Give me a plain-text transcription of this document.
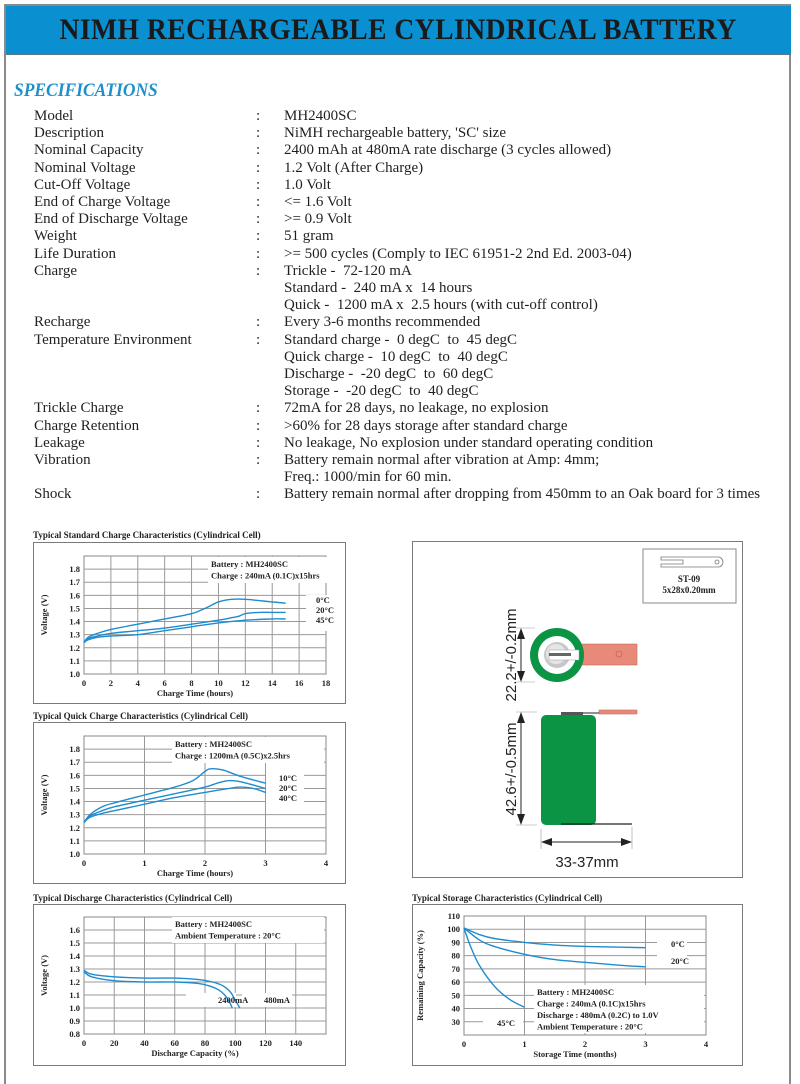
NIMH RECHARGEABLE CYLINDRICAL BATTERY
SPECIFICATIONS
Model	:	MH2400SC
Description	:	NiMH rechargeable battery, 'SC' size
Nominal Capacity	:	2400 mAh at 480mA rate discharge (3 cycles allowed)
Nominal Voltage	:	1.2 Volt (After Charge)
Cut-Off Voltage	:	1.0 Volt
End of Charge Voltage	:	<= 1.6 Volt
End of Discharge Voltage	:	>= 0.9 Volt
Weight	:	51 gram
Life Duration	:	>= 500 cycles (Comply to IEC 61951-2 2nd Ed. 2003-04)
Charge	:	Trickle -  72-120 mA
Standard -  240 mA x  14 hours
Quick -  1200 mA x  2.5 hours (with cut-off control)
Recharge	:	Every 3-6 months recommended
Temperature Environment	:	Standard charge -  0 degC  to  45 degC
Quick charge -  10 degC  to  40 degC
Discharge -  -20 degC  to  60 degC
Storage -  -20 degC  to  40 degC
Trickle Charge	:	72mA for 28 days, no leakage, no explosion
Charge Retention	:	>60% for 28 days storage after standard charge
Leakage	:	No leakage, No explosion under standard operating condition
Vibration	:	Battery remain normal after vibration at Amp: 4mm;
Freq.: 1000/min for 60 min.
Shock	:	Battery remain normal after dropping from 450mm to an Oak board for 3 times
Typical Standard Charge Characteristics (Cylindrical Cell)
Battery : MH2400SC
Charge : 240mA (0.1C)x15hrs
0	2	4	6	8 10 12 14 16 18
1.0
1.1
1.2
1.3
1.4
1.5
1.6
1.7
1.8
Charge Time (hours)
Voltage (V)	0°C
20°C
45°C
Typical Quick Charge Characteristics (Cylindrical Cell)
Battery : MH2400SC
Charge : 1200mA (0.5C)x2.5hrs
0	1	2	3	4
1.0
1.1
1.2
1.3
1.4
1.5
1.6
1.7
1.8
Charge Time (hours)
Voltage (V)	10°C
20°C
40°C
Typical Discharge Characteristics (Cylindrical Cell)
Battery : MH2400SC
Ambient Temperature : 20°C
0	20	40	60	80 100 120 140
0.8
0.9
1.0
1.1
1.2
1.3
1.4
1.5
1.6
Discharge Capacity (%)
Voltage (V)
480mA
2400mA
Typical Storage Characteristics (Cylindrical Cell)
Battery : MH2400SC
Charge : 240mA (0.1C)x15hrs
Discharge : 480mA (0.2C) to 1.0V
Ambient Temperature : 20°C
0	1	2	3	4
30
40
50
60
70
80
90
100
110
Storage Time (months)
Remaining Capacity (%)	0°C
20°C
45°C
ST-09
5x28x0.20mm
22.2+/-0.2mm
42.6+/-0.5mm
33-37mm
